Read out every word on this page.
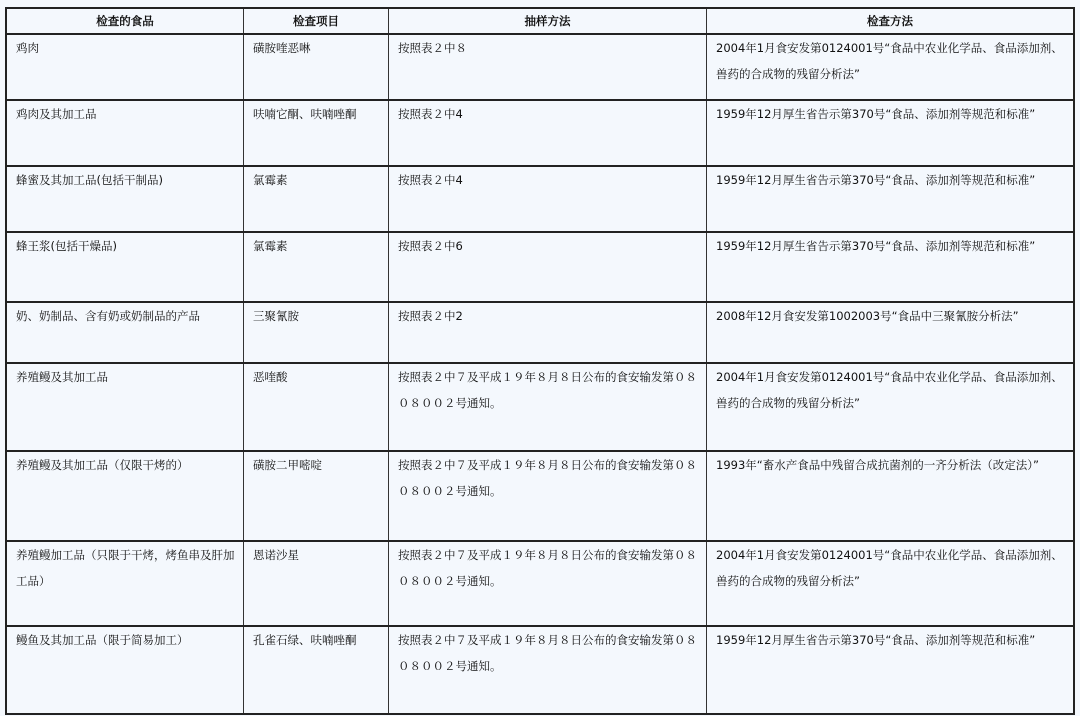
检查的食品	检查项目	抽样方法	检查方法
鸡肉	磺胺喹恶啉	按照表２中８	2004年1月食安发第0124001号“食品中农业化学品、食品添加剂、兽药的合成物的残留分析法”
鸡肉及其加工品	呋喃它酮、呋喃唑酮	按照表２中4	1959年12月厚生省告示第370号“食品、添加剂等规范和标准”
蜂蜜及其加工品(包括干制品)	氯霉素	按照表２中4	1959年12月厚生省告示第370号“食品、添加剂等规范和标准”
蜂王浆(包括干燥品)	氯霉素	按照表２中6	1959年12月厚生省告示第370号“食品、添加剂等规范和标准”
奶、奶制品、含有奶或奶制品的产品	三聚氰胺	按照表２中2	2008年12月食安发第1002003号“食品中三聚氰胺分析法”
养殖鳗及其加工品	恶喹酸	按照表２中７及平成１９年８月８日公布的食安输发第０８０８００２号通知。	2004年1月食安发第0124001号“食品中农业化学品、食品添加剂、兽药的合成物的残留分析法”
养殖鳗及其加工品（仅限干烤的）	磺胺二甲嘧啶	按照表２中７及平成１９年８月８日公布的食安输发第０８０８００２号通知。	1993年“畜水产食品中残留合成抗菌剂的一齐分析法（改定法）”
养殖鳗加工品（只限于干烤，烤鱼串及肝加工品）	恩诺沙星	按照表２中７及平成１９年８月８日公布的食安输发第０８０８００２号通知。	2004年1月食安发第0124001号“食品中农业化学品、食品添加剂、兽药的合成物的残留分析法”
鳗鱼及其加工品（限于简易加工）	孔雀石绿、呋喃唑酮	按照表２中７及平成１９年８月８日公布的食安输发第０８０８００２号通知。	1959年12月厚生省告示第370号“食品、添加剂等规范和标准”
